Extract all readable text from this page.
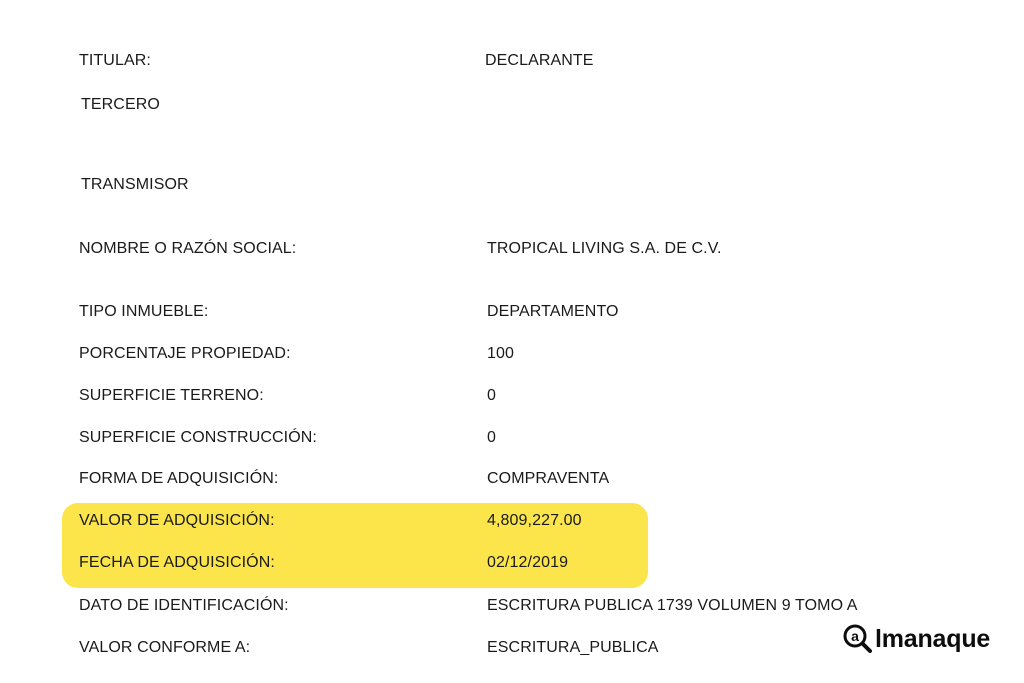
TITULAR:	DECLARANTE
TERCERO
TRANSMISOR
NOMBRE O RAZÓN SOCIAL:	TROPICAL LIVING S.A. DE C.V.
TIPO INMUEBLE:	DEPARTAMENTO
PORCENTAJE PROPIEDAD:	100
SUPERFICIE TERRENO:	0
SUPERFICIE CONSTRUCCIÓN:	0
FORMA DE ADQUISICIÓN:	COMPRAVENTA
VALOR DE ADQUISICIÓN:	4,809,227.00
FECHA DE ADQUISICIÓN:	02/12/2019
DATO DE IDENTIFICACIÓN:	ESCRITURA PUBLICA 1739 VOLUMEN 9 TOMO A
VALOR CONFORME A:	ESCRITURA_PUBLICA
a lmanaque
